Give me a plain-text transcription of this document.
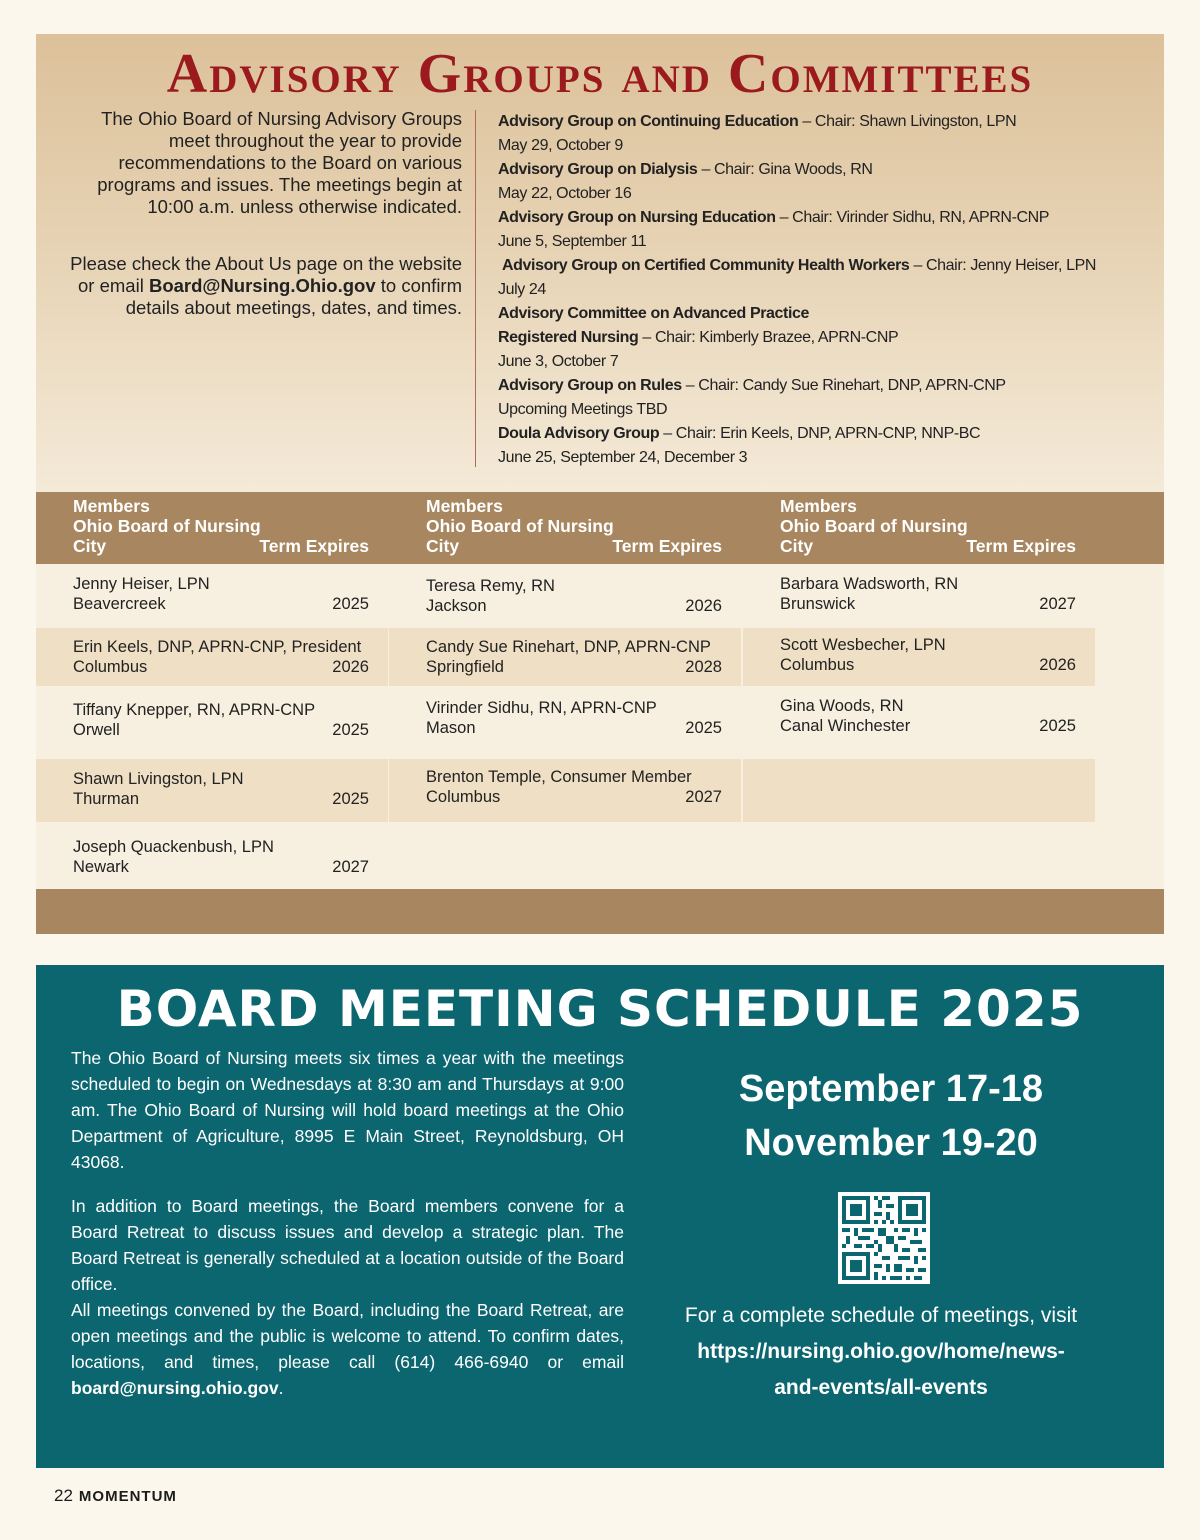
Advisory Groups and Committees

The Ohio Board of Nursing Advisory Groups meet throughout the year to provide recommendations to the Board on various programs and issues. The meetings begin at 10:00 a.m. unless otherwise indicated.

Please check the About Us page on the website or email Board@Nursing.Ohio.gov to confirm details about meetings, dates, and times.

Advisory Group on Continuing Education – Chair: Shawn Livingston, LPN
May 29, October 9
Advisory Group on Dialysis – Chair: Gina Woods, RN
May 22, October 16
Advisory Group on Nursing Education – Chair: Virinder Sidhu, RN, APRN-CNP
June 5, September 11
Advisory Group on Certified Community Health Workers – Chair: Jenny Heiser, LPN
July 24
Advisory Committee on Advanced Practice
Registered Nursing – Chair: Kimberly Brazee, APRN-CNP
June 3, October 7
Advisory Group on Rules – Chair: Candy Sue Rinehart, DNP, APRN-CNP
Upcoming Meetings TBD
Doula Advisory Group – Chair: Erin Keels, DNP, APRN-CNP, NNP-BC
June 25, September 24, December 3
Members
Ohio Board of Nursing
City	Term Expires
Jenny Heiser, LPN
Beavercreek	2025
Erin Keels, DNP, APRN-CNP, President
Columbus	2026
Tiffany Knepper, RN, APRN-CNP
Orwell	2025
Shawn Livingston, LPN
Thurman	2025
Joseph Quackenbush, LPN
Newark	2027
Members
Ohio Board of Nursing
City	Term Expires
Teresa Remy, RN
Jackson	2026
Candy Sue Rinehart, DNP, APRN-CNP
Springfield	2028
Virinder Sidhu, RN, APRN-CNP
Mason	2025
Brenton Temple, Consumer Member
Columbus	2027
Members
Ohio Board of Nursing
City	Term Expires
Barbara Wadsworth, RN
Brunswick	2027
Scott Wesbecher, LPN
Columbus	2026
Gina Woods, RN
Canal Winchester	2025
BOARD MEETING SCHEDULE 2025

The Ohio Board of Nursing meets six times a year with the meetings scheduled to begin on Wednesdays at 8:30 am and Thursdays at 9:00 am. The Ohio Board of Nursing will hold board meetings at the Ohio Department of Agriculture, 8995 E Main Street, Reynoldsburg, OH 43068.

In addition to Board meetings, the Board members convene for a Board Retreat to discuss issues and develop a strategic plan. The Board Retreat is generally scheduled at a location outside of the Board office.

All meetings convened by the Board, including the Board Retreat, are open meetings and the public is welcome to attend. To confirm dates, locations, and times, please call (614) 466-6940 or email board@nursing.ohio.gov.

September 17-18
November 19-20
For a complete schedule of meetings, visit
https://nursing.ohio.gov/home/news-
and-events/all-events
22 MOMENTUM
